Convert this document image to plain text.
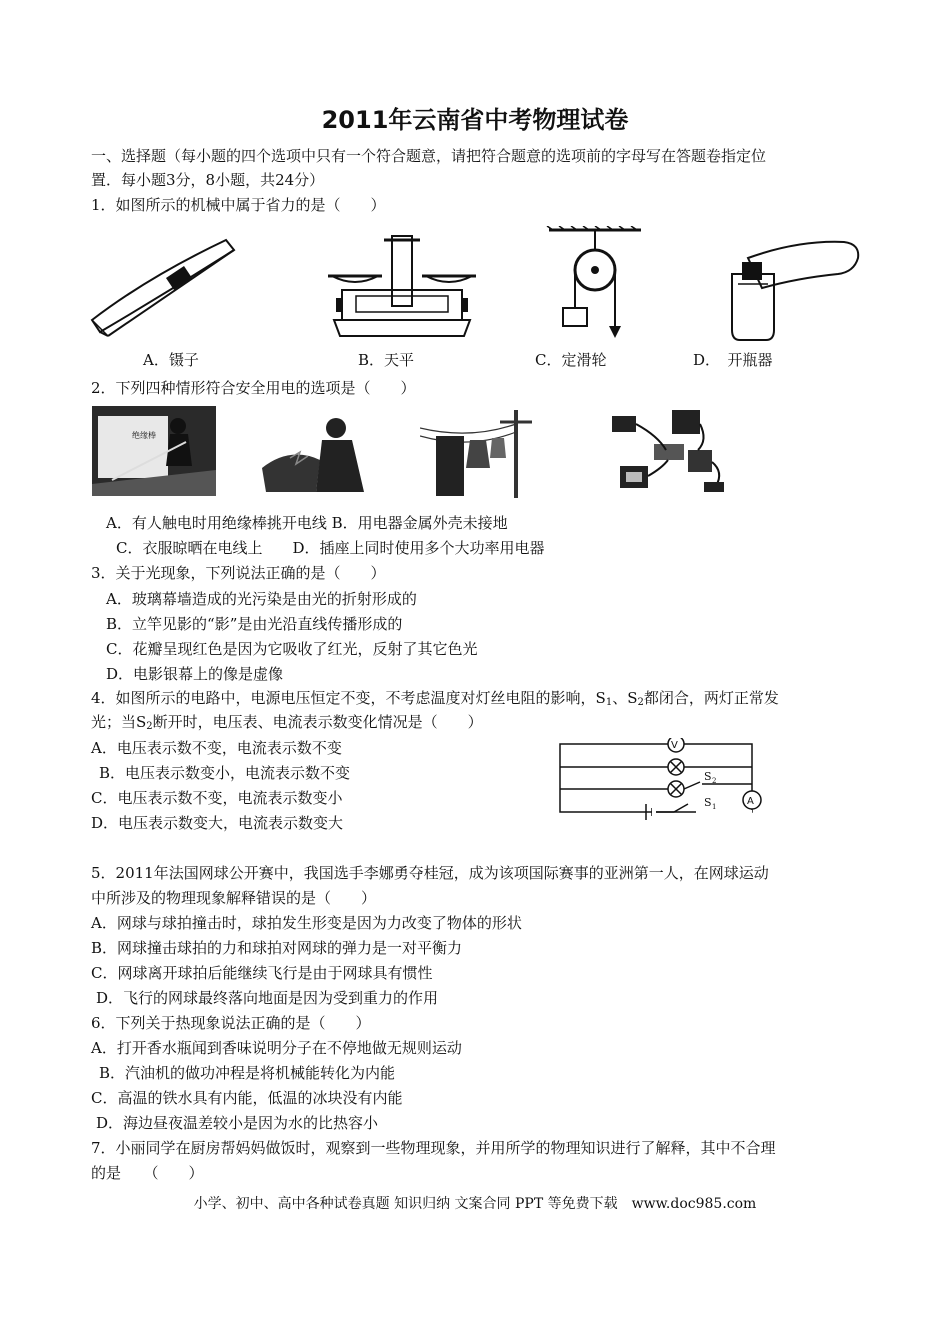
2011年云南省中考物理试卷
一、选择题（每小题的四个选项中只有一个符合题意，请把符合题意的选项前的字母写在答题卷指定位
置．每小题3分，8小题，共24分）
1．如图所示的机械中属于省力的是（　　）
A．镊子	B．天平	C．定滑轮	D．　开瓶器
2．下列四种情形符合安全用电的选项是（　　）
绝缘棒
A．有人触电时用绝缘棒挑开电线 B．用电器金属外壳未接地
C．衣服晾晒在电线上　　D．插座上同时使用多个大功率用电器
3．关于光现象，下列说法正确的是（　　）
A．玻璃幕墙造成的光污染是由光的折射形成的
B．立竿见影的“影”是由光沿直线传播形成的
C．花瓣呈现红色是因为它吸收了红光，反射了其它色光
D．电影银幕上的像是虚像
4．如图所示的电路中，电源电压恒定不变，不考虑温度对灯丝电阻的影响，$S_1$、$S_2$都闭合，两灯正常发
光；当$S_2$断开时，电压表、电流表示数变化情况是（　　）
A．电压表示数不变，电流表示数不变
B．电压表示数变小，电流表示数不变
C．电压表示数不变，电流表示数变小
D．电压表示数变大，电流表示数变大
V
A
S 2
S 1
5．2011年法国网球公开赛中，我国选手李娜勇夺桂冠，成为该项国际赛事的亚洲第一人，在网球运动
中所涉及的物理现象解释错误的是（　　）
A．网球与球拍撞击时，球拍发生形变是因为力改变了物体的形状
B．网球撞击球拍的力和球拍对网球的弹力是一对平衡力
C．网球离开球拍后能继续飞行是由于网球具有惯性
D．飞行的网球最终落向地面是因为受到重力的作用
6．下列关于热现象说法正确的是（　　）
A．打开香水瓶闻到香味说明分子在不停地做无规则运动
B．汽油机的做功冲程是将机械能转化为内能
C．高温的铁水具有内能，低温的冰块没有内能
D．海边昼夜温差较小是因为水的比热容小
7．小丽同学在厨房帮妈妈做饭时，观察到一些物理现象，并用所学的物理知识进行了解释，其中不合理
的是　　（　　）
小学、初中、高中各种试卷真题 知识归纳 文案合同 PPT 等免费下载　www.doc985.com
